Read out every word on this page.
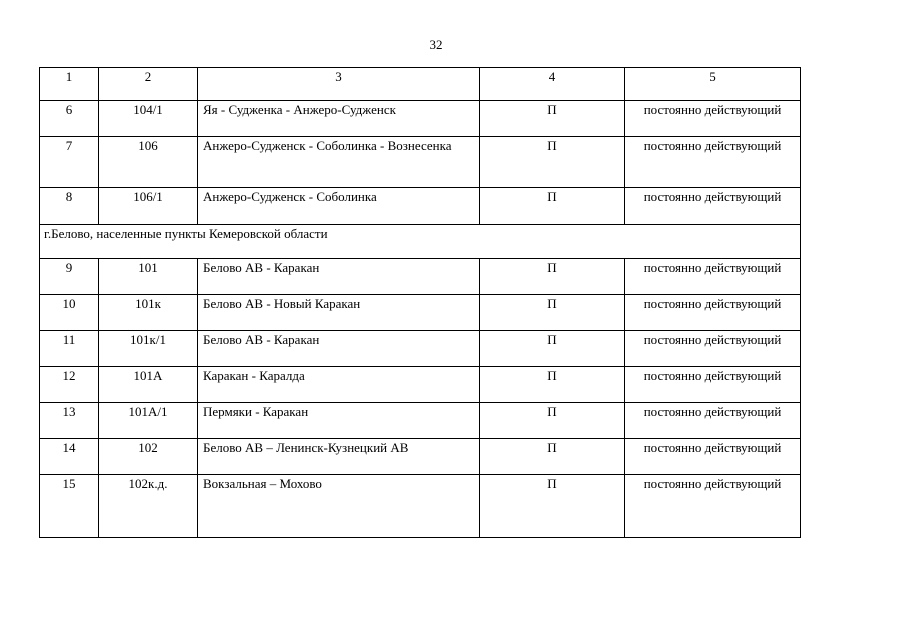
32
1	2	3	4	5
6	104/1	Яя - Судженка - Анжеро-Судженск	П	постоянно действующий
7	106	Анжеро-Судженск - Соболинка - Вознесенка	П	постоянно действующий
8	106/1	Анжеро-Судженск - Соболинка	П	постоянно действующий
г.Белово, населенные пункты Кемеровской области				
9	101	Белово АВ - Каракан	П	постоянно действующий
10	101к	Белово АВ - Новый Каракан	П	постоянно действующий
11	101к/1	Белово АВ - Каракан	П	постоянно действующий
12	101А	Каракан - Каралда	П	постоянно действующий
13	101А/1	Пермяки - Каракан	П	постоянно действующий
14	102	Белово АВ – Ленинск-Кузнецкий АВ	П	постоянно действующий
15	102к.д.	Вокзальная – Мохово	П	постоянно действующий
